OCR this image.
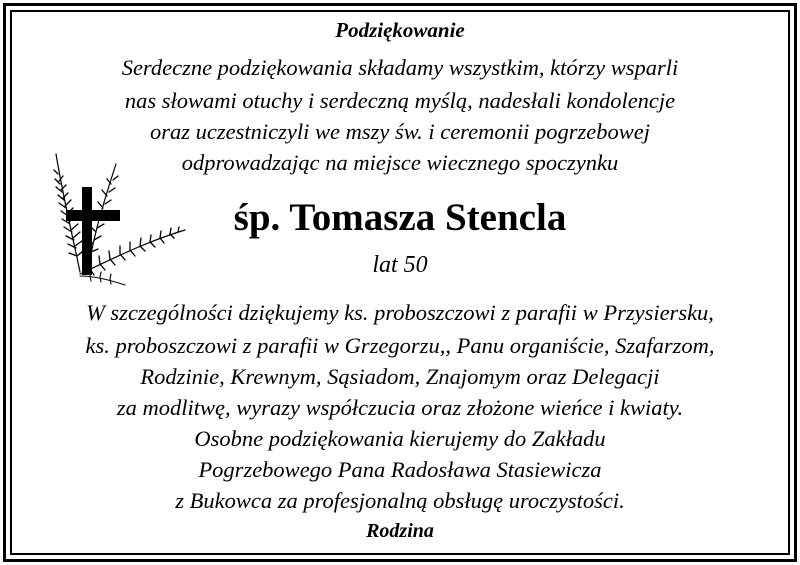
Podziękowanie
Serdeczne podziękowania składamy wszystkim, którzy wsparli
nas słowami otuchy i serdeczną myślą, nadesłali kondolencje
oraz uczestniczyli we mszy św. i ceremonii pogrzebowej
odprowadzając na miejsce wiecznego spoczynku
śp. Tomasza Stencla
lat 50
W szczególności dziękujemy ks. proboszczowi z parafii w Przysiersku,
ks. proboszczowi z parafii w Grzegorzu,, Panu organiście, Szafarzom,
Rodzinie, Krewnym, Sąsiadom, Znajomym oraz Delegacji
za modlitwę, wyrazy współczucia oraz złożone wieńce i kwiaty.
Osobne podziękowania kierujemy do Zakładu
Pogrzebowego Pana Radosława Stasiewicza
z Bukowca za profesjonalną obsługę uroczystości.
Rodzina
